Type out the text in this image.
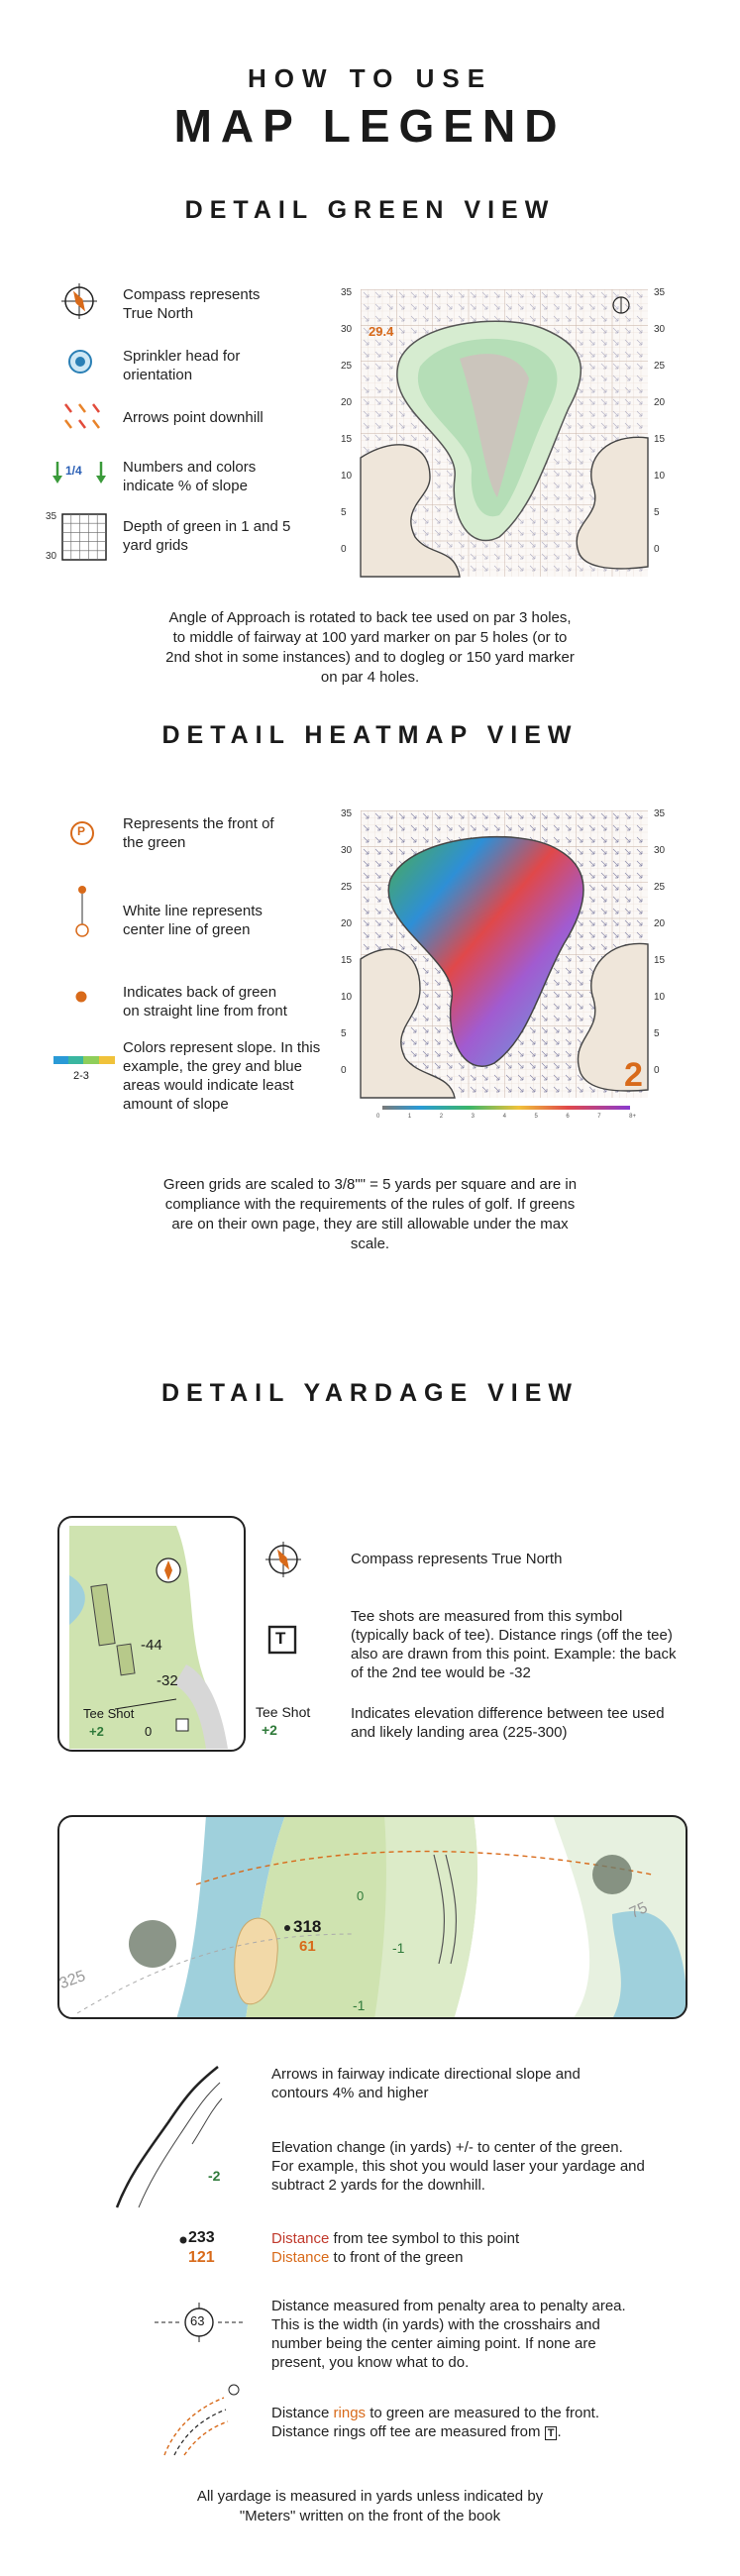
HOW TO USE
MAP LEGEND
DETAIL GREEN VIEW
Compass represents True North
Sprinkler head for orientation
Arrows point downhill
1/4	Numbers and colors indicate % of slope
35
30
Depth of green in 1 and 5 yard grids
35
30
25
20
15
10
5
0
35
30
25
20
15
10
5
0
29.4
Angle of Approach is rotated to back tee used on par 3 holes, to middle of fairway at 100 yard marker on par 5 holes (or to 2nd shot in some instances) and to dogleg or 150 yard marker on par 4 holes.
DETAIL HEATMAP VIEW
P	Represents the front of the green
White line represents center line of green
Indicates back of green on straight line from front
2-3
Colors represent slope. In this example, the grey and blue areas would indicate least amount of slope
35
30
25
20
15
10
5
0
35
30
25
20
15
10
5
0
2
0	1	2	3	4	5	6	7	8+
Green grids are scaled to 3/8"" = 5 yards per square and are in compliance with the requirements of the rules of golf. If greens are on their own page, they are still allowable under the max scale.
DETAIL YARDAGE VIEW
-44
-32
Tee Shot
+2	0
Compass represents True North
T
Tee shots are measured from this symbol (typically back of tee). Distance rings (off the tee) also are drawn from this point. Example: the back of the 2nd tee would be -32
Tee Shot
+2
Indicates elevation difference between tee used and likely landing area (225-300)
318
61	-1
-1
0
325
75
Arrows in fairway indicate directional slope and contours 4% and higher
-2
Elevation change (in yards) +/- to center of the green. For example, this shot you would laser your yardage and subtract 2 yards for the downhill.
233
121
Distance from tee symbol to this point
Distance to front of the green
63
Distance measured from penalty area to penalty area. This is the width (in yards) with the crosshairs and number being the center aiming point. If none are present, you know what to do.
Distance rings to green are measured to the front.
Distance rings off tee are measured from T .
All yardage is measured in yards unless indicated by "Meters" written on the front of the book
